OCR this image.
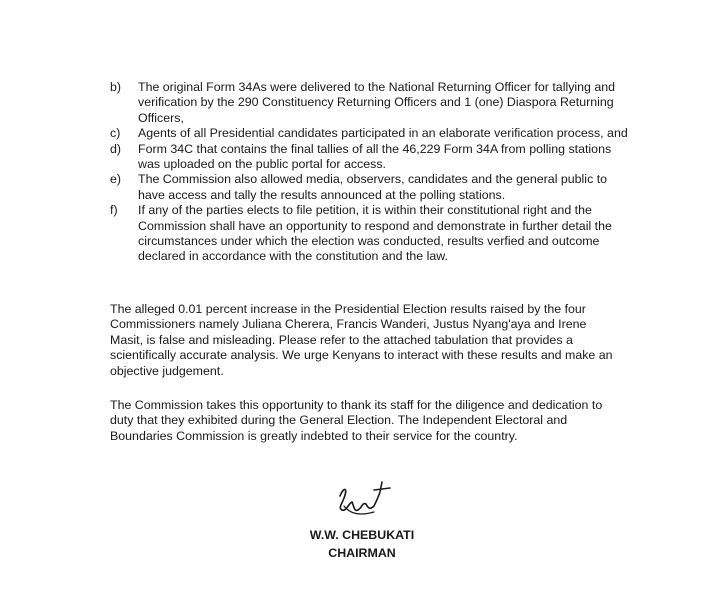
b) The original Form 34As were delivered to the National Returning Officer for tallying and verification by the 290 Constituency Returning Officers and 1 (one) Diaspora Returning Officers,
c) Agents of all Presidential candidates participated in an elaborate verification process, and
d) Form 34C that contains the final tallies of all the 46,229 Form 34A from polling stations was uploaded on the public portal for access.
e) The Commission also allowed media, observers, candidates and the general public to have access and tally the results announced at the polling stations.
f) If any of the parties elects to file petition, it is within their constitutional right and the Commission shall have an opportunity to respond and demonstrate in further detail the circumstances under which the election was conducted, results verfied and outcome declared in accordance with the constitution and the law.

The alleged 0.01 percent increase in the Presidential Election results raised by the four Commissioners namely Juliana Cherera, Francis Wanderi, Justus Nyang'aya and Irene Masit, is false and misleading. Please refer to the attached tabulation that provides a scientifically accurate analysis. We urge Kenyans to interact with these results and make an objective judgement.

The Commission takes this opportunity to thank its staff for the diligence and dedication to duty that they exhibited during the General Election. The Independent Electoral and Boundaries Commission is greatly indebted to their service for the country.

W.W. CHEBUKATI
CHAIRMAN
